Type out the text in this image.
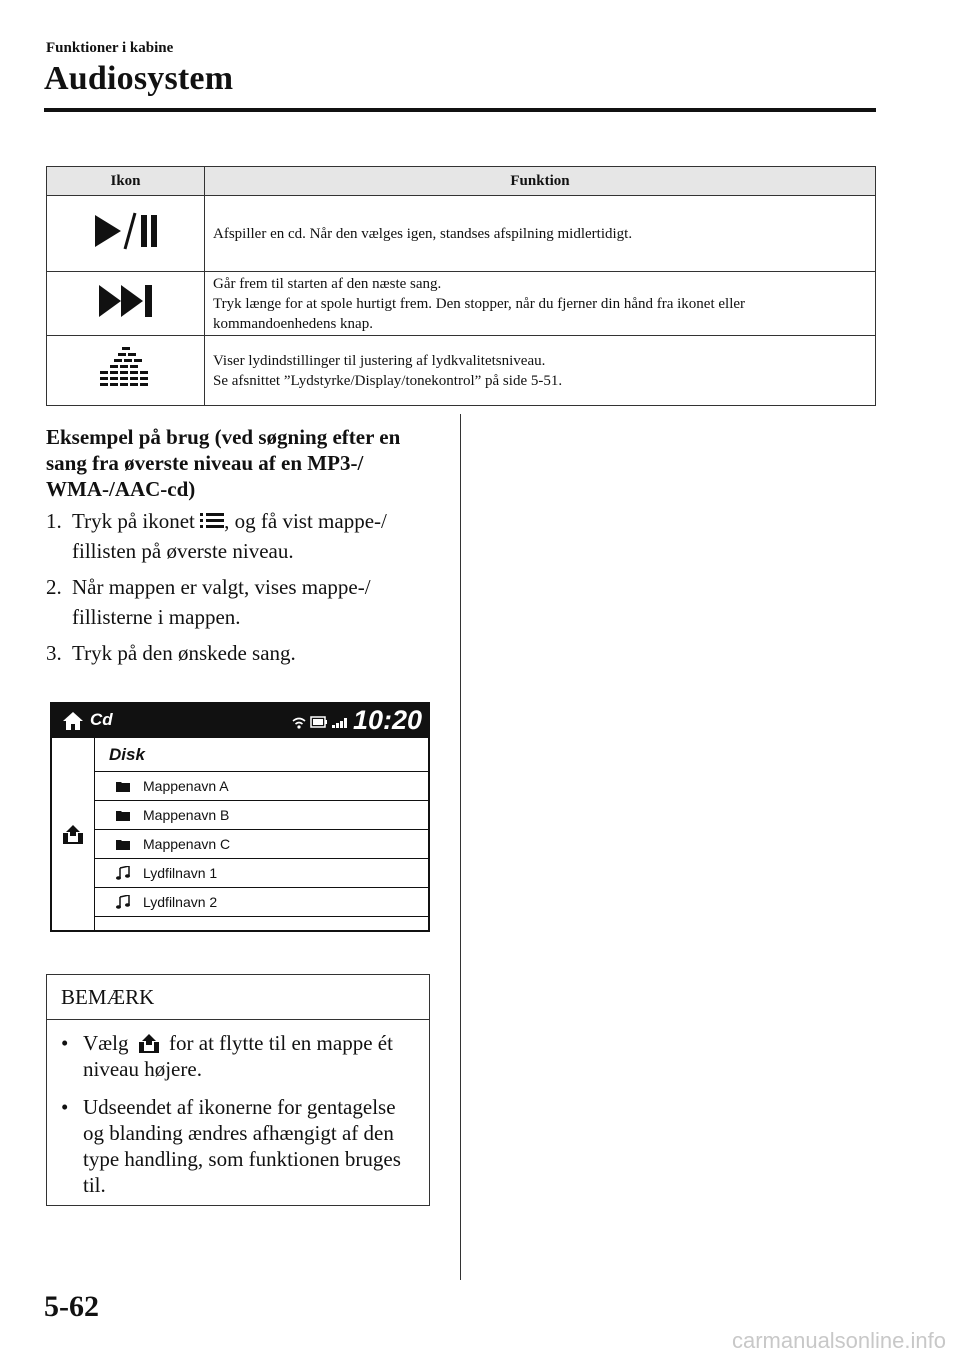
Funktioner i kabine
Audiosystem
Ikon	Funktion

Afspiller en cd. Når den vælges igen, standses afspilning midlertidigt.

Går frem til starten af den næste sang.
Tryk længe for at spole hurtigt frem. Den stopper, når du fjerner din hånd fra ikonet eller kommandoenhedens knap.

Viser lydindstillinger til justering af lydkvalitetsniveau.
Se afsnittet ”Lydstyrke/Display/tonekontrol” på side 5-51.
Eksempel på brug (ved søgning efter en sang fra øverste niveau af en MP3-/ WMA-/AAC-cd)
1. Tryk på ikonet , og få vist mappe-/ fillisten på øverste niveau.
2. Når mappen er valgt, vises mappe-/ fillisterne i mappen.
3. Tryk på den ønskede sang.
Cd	10:20
Disk
Mappenavn A
Mappenavn B
Mappenavn C
Lydfilnavn 1
Lydfilnavn 2
BEMÆRK
• Vælg for at flytte til en mappe ét niveau højere.
• Udseendet af ikonerne for gentagelse og blanding ændres afhængigt af den type handling, som funktionen bruges til.
5-62
carmanualsonline.info
